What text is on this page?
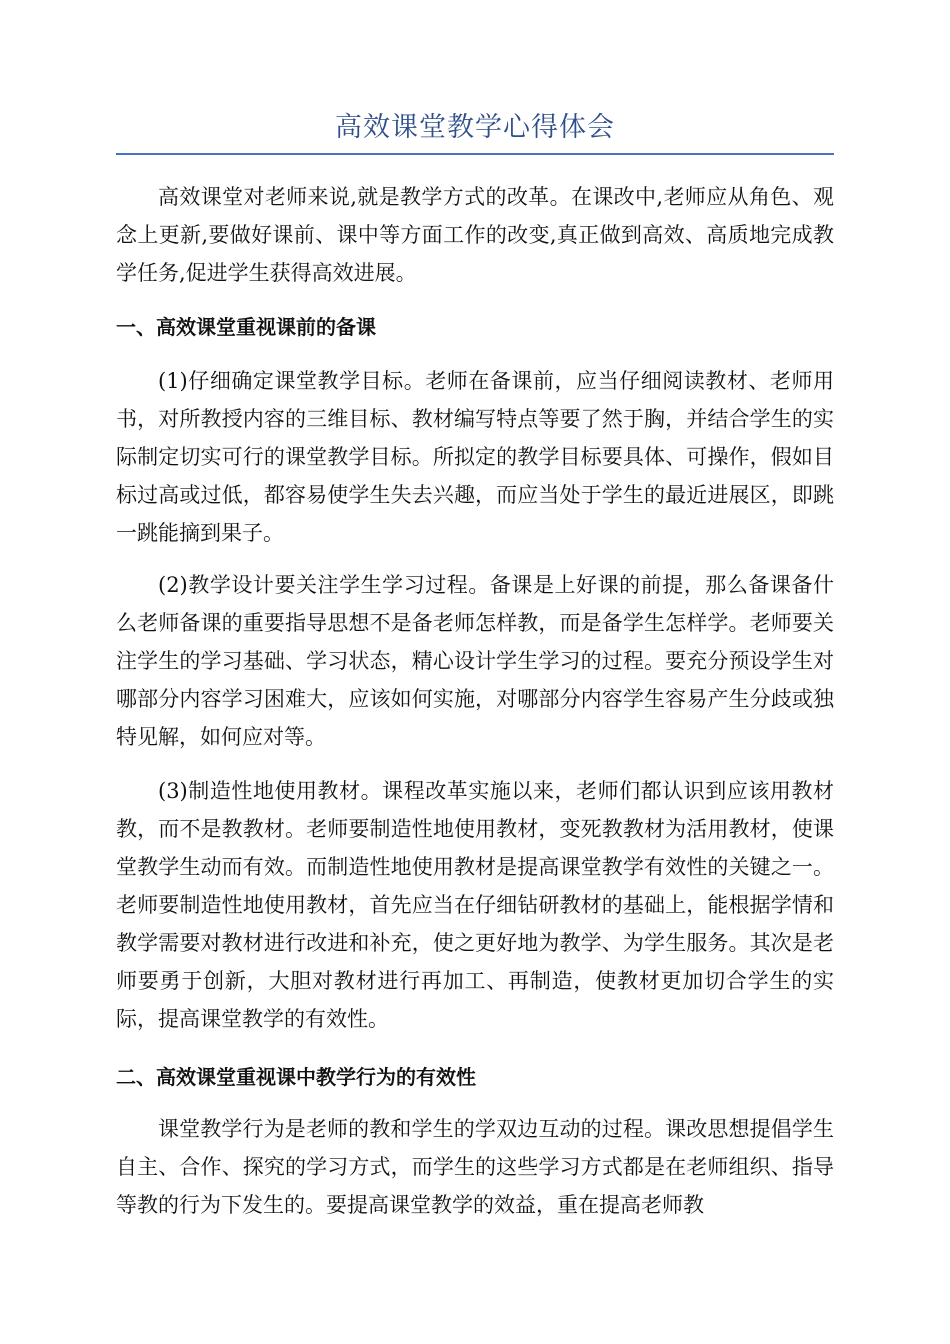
高效课堂教学心得体会

高效课堂对老师来说,就是教学方式的改革。在课改中,老师应从角色、观念上更新,要做好课前、课中等方面工作的改变,真正做到高效、高质地完成教学任务,促进学生获得高效进展。

一、高效课堂重视课前的备课

(1)仔细确定课堂教学目标。老师在备课前，应当仔细阅读教材、老师用书，对所教授内容的三维目标、教材编写特点等要了然于胸，并结合学生的实际制定切实可行的课堂教学目标。所拟定的教学目标要具体、可操作，假如目标过高或过低，都容易使学生失去兴趣，而应当处于学生的最近进展区，即跳一跳能摘到果子。

(2)教学设计要关注学生学习过程。备课是上好课的前提，那么备课备什么老师备课的重要指导思想不是备老师怎样教，而是备学生怎样学。老师要关注学生的学习基础、学习状态，精心设计学生学习的过程。要充分预设学生对哪部分内容学习困难大，应该如何实施，对哪部分内容学生容易产生分歧或独特见解，如何应对等。

(3)制造性地使用教材。课程改革实施以来，老师们都认识到应该用教材教，而不是教教材。老师要制造性地使用教材，变死教教材为活用教材，使课堂教学生动而有效。而制造性地使用教材是提高课堂教学有效性的关键之一。老师要制造性地使用教材，首先应当在仔细钻研教材的基础上，能根据学情和教学需要对教材进行改进和补充，使之更好地为教学、为学生服务。其次是老师要勇于创新，大胆对教材进行再加工、再制造，使教材更加切合学生的实际，提高课堂教学的有效性。

二、高效课堂重视课中教学行为的有效性

课堂教学行为是老师的教和学生的学双边互动的过程。课改思想提倡学生自主、合作、探究的学习方式，而学生的这些学习方式都是在老师组织、指导等教的行为下发生的。要提高课堂教学的效益，重在提高老师教
